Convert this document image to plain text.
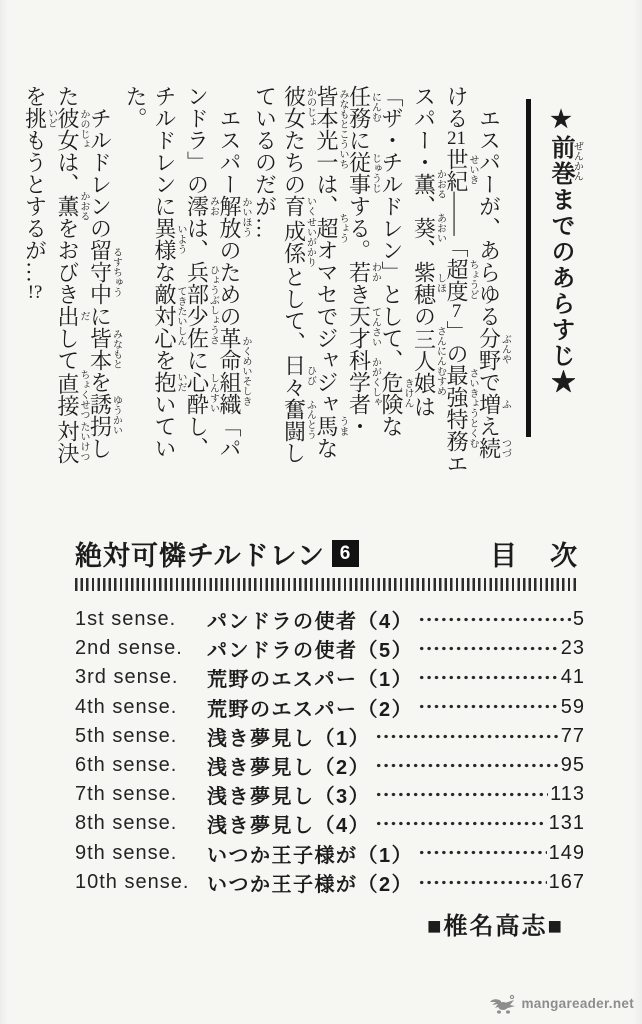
★前巻ぜんかんまでのあらすじ★

エスパーが、あらゆる分野ぶんやで増ふえ続つづける21世紀せいき——「超度ちょうど7」の最強特務さいきょうとくむエスパー・薫かおる、葵あおい、紫穂しほの三人娘さんにんむすめは「ザ・チルドレン」として、危険きけんな任務にんむに従事じゅうじする。若わかき天才てんさい科学者かがくしゃ・皆本光一みなもとこういちは、超ちょうオマセでジャジャ馬うまな彼女かのじょたちの育いく成係せいがかりとして、日々ひび奮闘ふんとうしているのだが…

エスパー解放かいほうのための革命組織かくめいそしき「パンドラ」の澪みおは、兵部少佐ひょうぶしょうさに心酔しんすいし、チルドレンに異様いような敵対心てきたいしんを抱いだいていた。

チルドレンの留守中るすちゅうに皆本みなもとを誘拐ゆうかいした彼女かのじょは、薫かおるをおびき出だして直接ちょくせつ対決たいけつを挑いどもうとするが…!?

絶対可憐チルドレン 6	目　次
1st sense.	パンドラの使者（4）	5
2nd sense.	パンドラの使者（5）	23
3rd sense.	荒野のエスパー（1）	41
4th sense.	荒野のエスパー（2）	59
5th sense.	浅き夢見し（1）	77
6th sense.	浅き夢見し（2）	95
7th sense.	浅き夢見し（3）	113
8th sense.	浅き夢見し（4）	131
9th sense.	いつか王子様が（1）	149
10th sense. いつか王子様が（2）	167
■椎名高志■
mangareader.net
